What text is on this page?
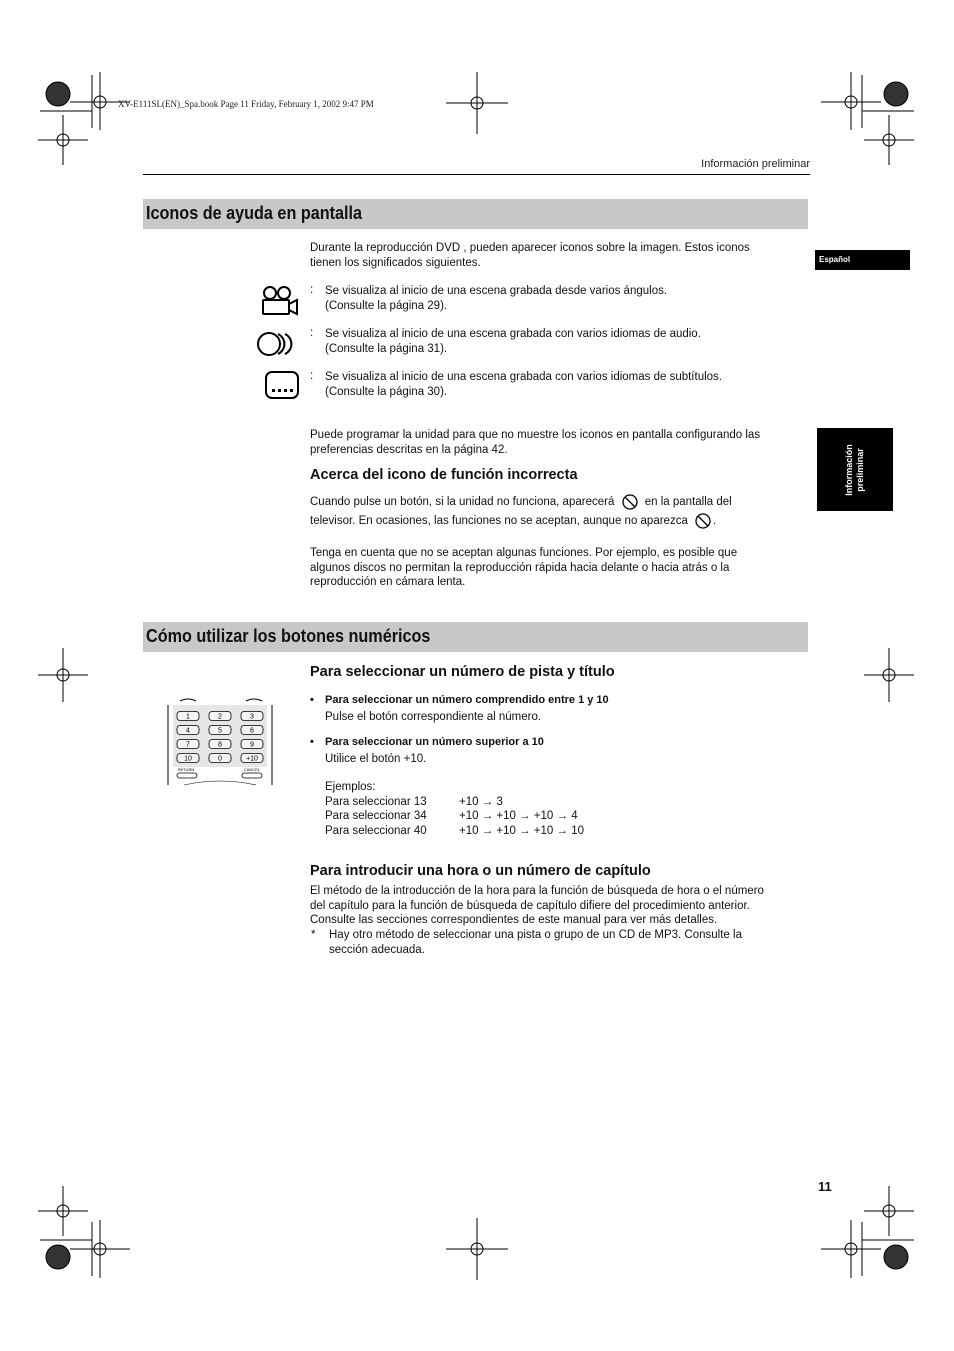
XV-E111SL(EN)_Spa.book Page 11 Friday, February 1, 2002 9:47 PM
Información preliminar
Español
Información preliminar
Iconos de ayuda en pantalla
Durante la reproducción DVD , pueden aparecer iconos sobre la imagen. Estos iconos
tienen los significados siguientes.
: Se visualiza al inicio de una escena grabada desde varios ángulos.
(Consulte la página 29).
: Se visualiza al inicio de una escena grabada con varios idiomas de audio.
(Consulte la página 31).
: Se visualiza al inicio de una escena grabada con varios idiomas de subtítulos.
(Consulte la página 30).
Puede programar la unidad para que no muestre los iconos en pantalla configurando las
preferencias descritas en la página 42.
Acerca del icono de función incorrecta
Cuando pulse un botón, si la unidad no funciona, aparecerá	en la pantalla del
televisor. En ocasiones, las funciones no se aceptan, aunque no aparezca .
Tenga en cuenta que no se aceptan algunas funciones. Por ejemplo, es posible que
algunos discos no permitan la reproducción rápida hacia delante o hacia atrás o la
reproducción en cámara lenta.
Cómo utilizar los botones numéricos
Para seleccionar un número de pista y título
1	2	3
4	5	6
7	8	9
10	0	+10
RETURN	CANCEL
• Para seleccionar un número comprendido entre 1 y 10
Pulse el botón correspondiente al número.
• Para seleccionar un número superior a 10
Utilice el botón +10.
Ejemplos:
Para seleccionar 13	+10 → 3
Para seleccionar 34	+10 → +10 → +10 → 4
Para seleccionar 40	+10 → +10 → +10 → 10
Para introducir una hora o un número de capítulo
El método de la introducción de la hora para la función de búsqueda de hora o el número
del capítulo para la función de búsqueda de capítulo difiere del procedimiento anterior.
Consulte las secciones correspondientes de este manual para ver más detalles.
* Hay otro método de seleccionar una pista o grupo de un CD de MP3. Consulte la
sección adecuada.
11
